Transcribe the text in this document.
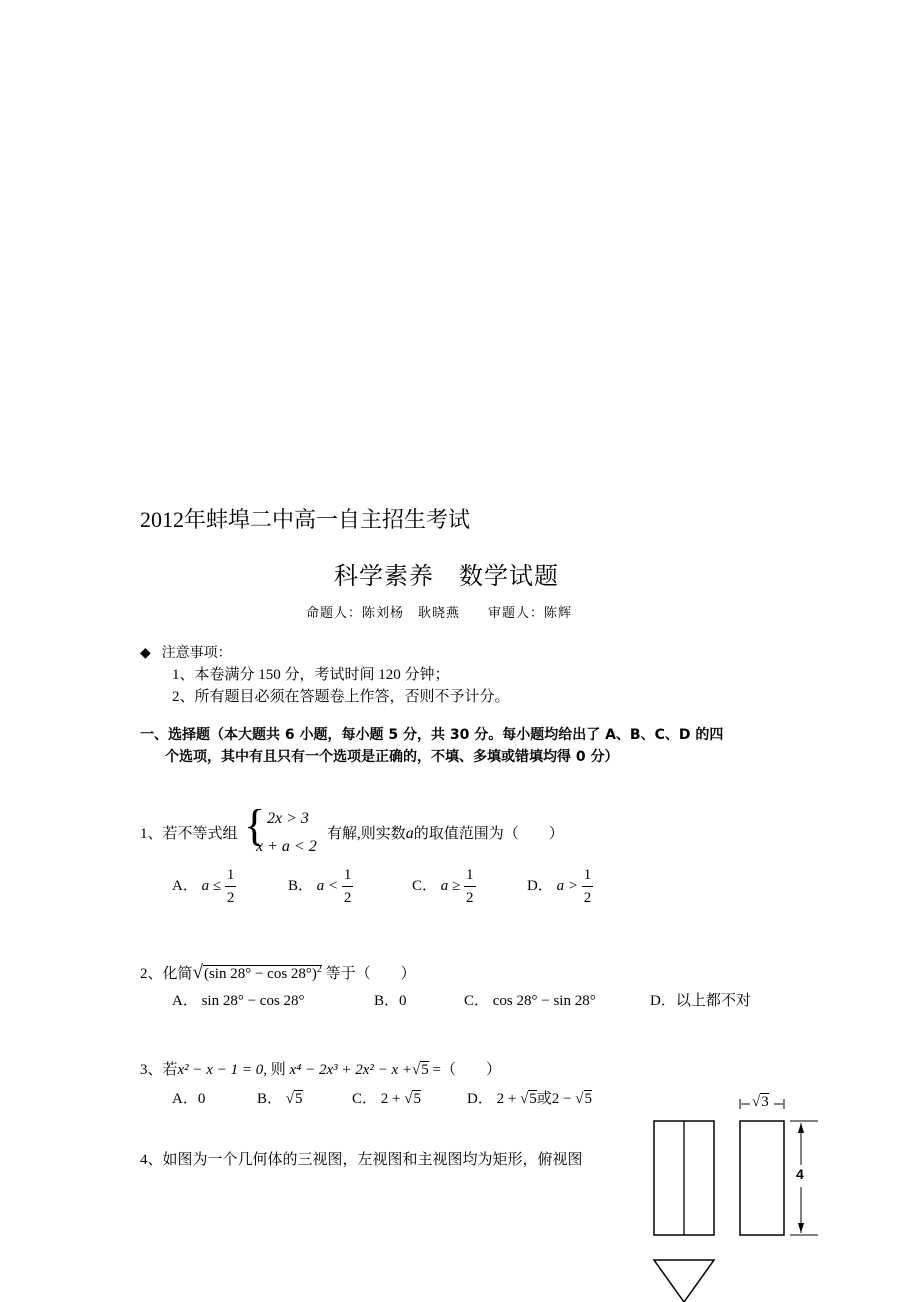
2012年蚌埠二中高一自主招生考试
科学素养　数学试题
命题人：陈刘杨　耿晓燕　　审题人：陈辉
◆ 注意事项：
1、本卷满分 150 分，考试时间 120 分钟；
2、所有题目必须在答题卷上作答，否则不予计分。
一、选择题（本大题共 6 小题，每小题 5 分，共 30 分。每小题均给出了 A、B、C、D 的四
个选项，其中有且只有一个选项是正确的，不填、多填或错填均得 0 分）
1、若不等式组 { 2x > 3
x + a < 2
有解,则实数a的取值范围为（　　）
A． $a \le \frac{1}{2}$	B． $a < \frac{1}{2}$	C． $a \ge \frac{1}{2}$	D． $a > \frac{1}{2}$
2、化简√(sin 28° − cos 28°)$^2$ 等于（　　）
A． sin 28° − cos 28°	B．0	C． cos 28° − sin 28°	D．以上都不对
3、若x² − x − 1 = 0, 则 x⁴ − 2x³ + 2x² − x +√5 =（　　）
A．0	B． √5	C． 2 + √5	D． 2 + √5或2 − √5
4、如图为一个几何体的三视图，左视图和主视图均为矩形，俯视图
√3
4
